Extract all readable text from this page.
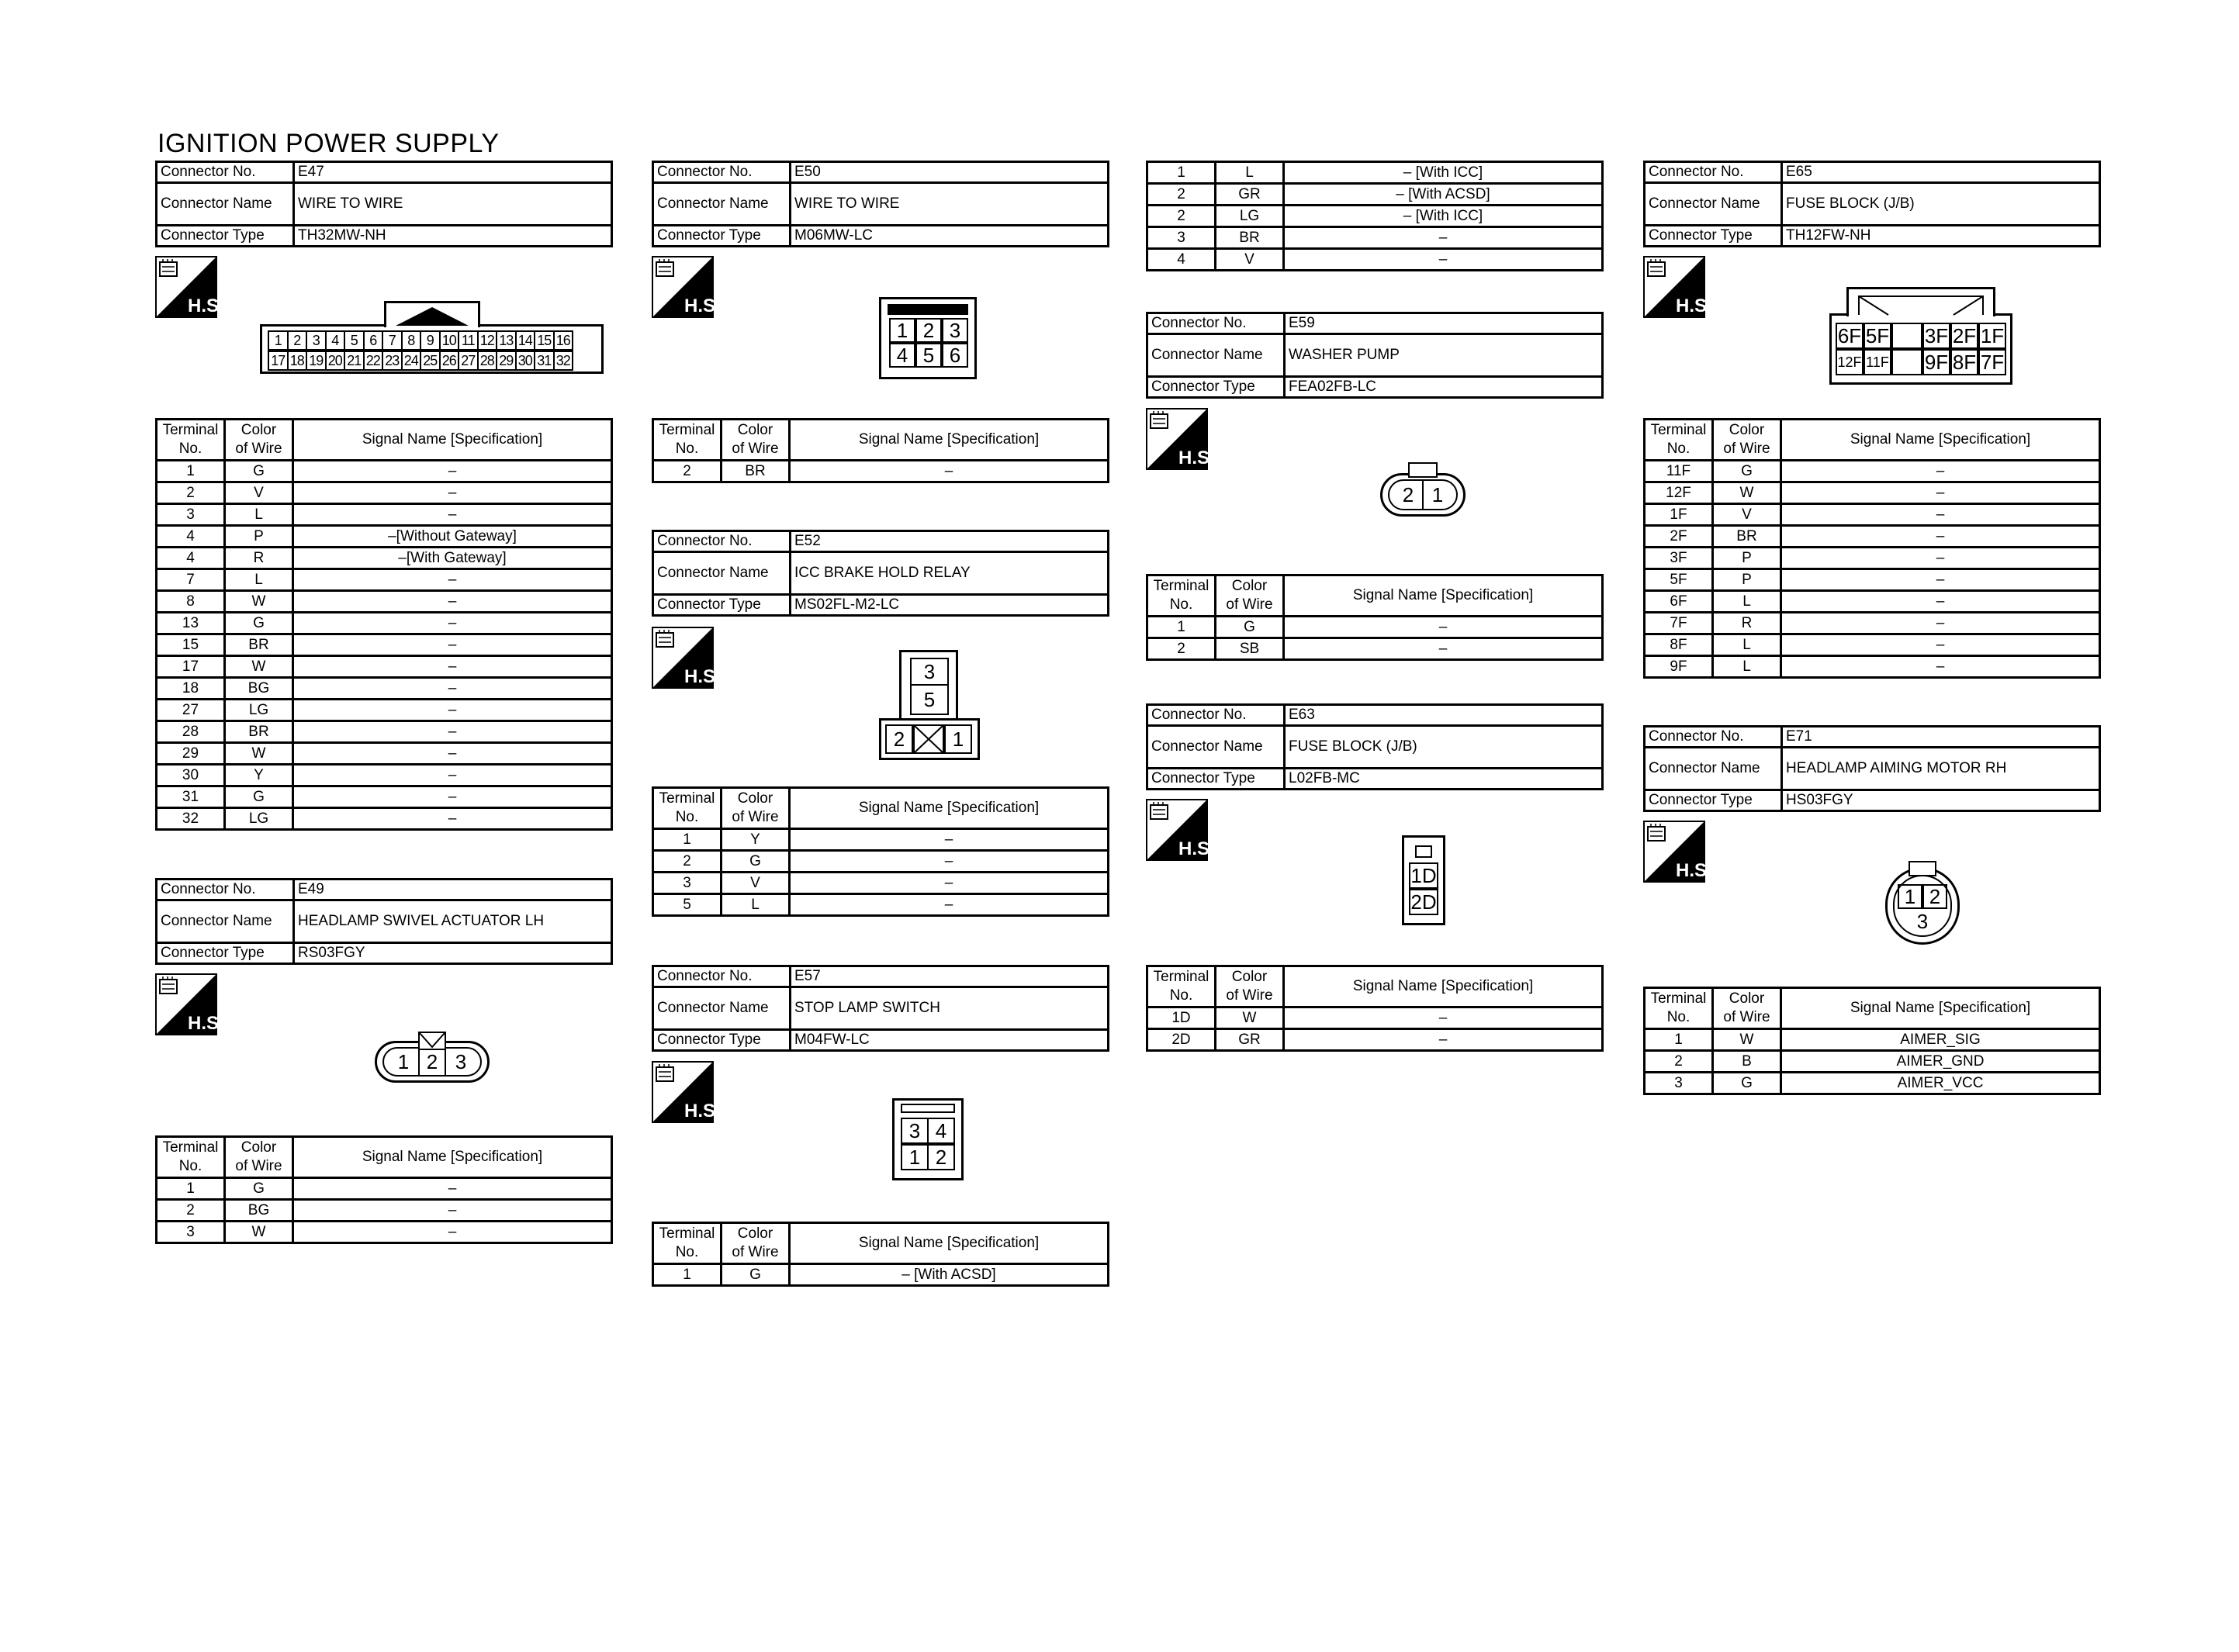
IGNITION POWER SUPPLY
Connector No.	E47
Connector Name	WIRE TO WIRE
Connector Type	TH32MW-NH
H.S.
1 2 3 4 5 6 7 8 9 10 11 12 13 14 15 16
17 18 19 20 21 22 23 24 25 26 27 28 29 30 31 32
Terminal
No.	Color
of Wire	Signal Name [Specification]
1	G	–
2	V	–
3	L	–
4	P	–[Without Gateway]
4	R	–[With Gateway]
7	L	–
8	W	–
13	G	–
15	BR	–
17	W	–
18	BG	–
27	LG	–
28	BR	–
29	W	–
30	Y	–
31	G	–
32	LG	–
Connector No.	E49
Connector Name	HEADLAMP SWIVEL ACTUATOR LH
Connector Type	RS03FGY
H.S.
1 2 3
Terminal
No.	Color
of Wire	Signal Name [Specification]
1	G	–
2	BG	–
3	W	–
Connector No.	E50
Connector Name	WIRE TO WIRE
Connector Type	M06MW-LC
H.S.
1 2 3
4 5 6
Terminal
No.	Color
of Wire	Signal Name [Specification]
2	BR	–
Connector No.	E52
Connector Name	ICC BRAKE HOLD RELAY
Connector Type	MS02FL-M2-LC
H.S.	3
5
2	1
Terminal
No.	Color
of Wire	Signal Name [Specification]
1	Y	–
2	G	–
3	V	–
5	L	–
Connector No.	E57
Connector Name	STOP LAMP SWITCH
Connector Type	M04FW-LC
H.S.
3 4
1 2
Terminal
No.	Color
of Wire	Signal Name [Specification]
1	G	– [With ACSD]
1	L	– [With ICC]
2	GR	– [With ACSD]
2	LG	– [With ICC]
3	BR	–
4	V	–
Connector No.	E59
Connector Name	WASHER PUMP
Connector Type	FEA02FB-LC
H.S.
2 1
Terminal
No.	Color
of Wire	Signal Name [Specification]
1	G	–
2	SB	–
Connector No.	E63
Connector Name	FUSE BLOCK (J/B)
Connector Type	L02FB-MC
H.S.
1D
2D
Terminal
No.	Color
of Wire	Signal Name [Specification]
1D	W	–
2D	GR	–
Connector No.	E65
Connector Name	FUSE BLOCK (J/B)
Connector Type	TH12FW-NH
H.S.
6F 5F 3F 2F 1F
12F 11F 9F 8F 7F
Terminal
No.	Color
of Wire	Signal Name [Specification]
11F	G	–
12F	W	–
1F	V	–
2F	BR	–
3F	P	–
5F	P	–
6F	L	–
7F	R	–
8F	L	–
9F	L	–
Connector No.	E71
Connector Name	HEADLAMP AIMING MOTOR RH
Connector Type	HS03FGY
H.S.
1 2
3
Terminal
No.	Color
of Wire	Signal Name [Specification]
1	W	AIMER_SIG
2	B	AIMER_GND
3	G	AIMER_VCC
